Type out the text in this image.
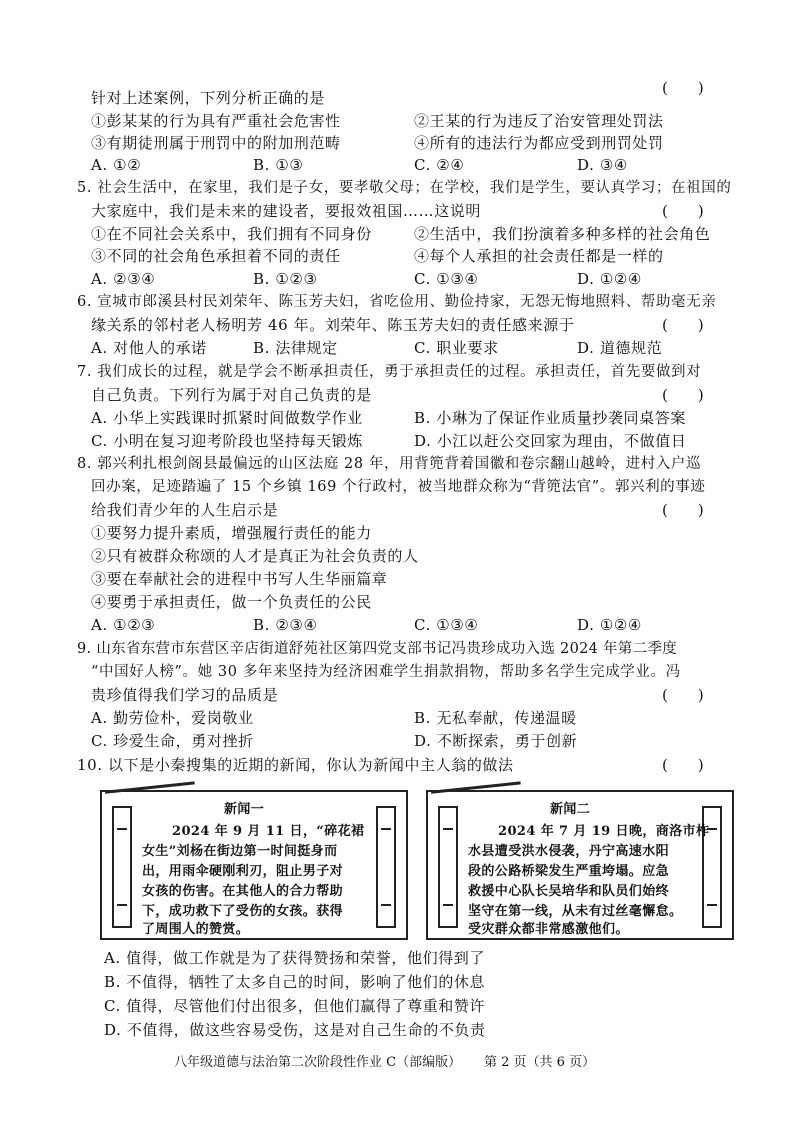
(　　)
针对上述案例，下列分析正确的是
①彭某某的行为具有严重社会危害性	②王某的行为违反了治安管理处罚法
③有期徒刑属于刑罚中的附加刑范畴	④所有的违法行为都应受到刑罚处罚
A. ①②	B. ①③	C. ②④	D. ③④
5. 社会生活中，在家里，我们是子女，要孝敬父母；在学校，我们是学生，要认真学习；在祖国的
大家庭中，我们是未来的建设者，要报效祖国……这说明	(　　)
①在不同社会关系中，我们拥有不同身份	②生活中，我们扮演着多种多样的社会角色
③不同的社会角色承担着不同的责任	④每个人承担的社会责任都是一样的
A. ②③④	B. ①②③	C. ①③④	D. ①②④
6. 宣城市郎溪县村民刘荣年、陈玉芳夫妇，省吃俭用、勤俭持家，无怨无悔地照料、帮助毫无亲
缘关系的邻村老人杨明芳 46 年。刘荣年、陈玉芳夫妇的责任感来源于	(　　)
A. 对他人的承诺	B. 法律规定	C. 职业要求	D. 道德规范
7. 我们成长的过程，就是学会不断承担责任，勇于承担责任的过程。承担责任，首先要做到对
自己负责。下列行为属于对自己负责的是	(　　)
A. 小华上实践课时抓紧时间做数学作业	B. 小琳为了保证作业质量抄袭同桌答案
C. 小明在复习迎考阶段也坚持每天锻炼	D. 小江以赶公交回家为理由，不做值日
8. 郭兴利扎根剑阁县最偏远的山区法庭 28 年，用背篼背着国徽和卷宗翻山越岭，进村入户巡
回办案，足迹踏遍了 15 个乡镇 169 个行政村，被当地群众称为“背篼法官”。郭兴利的事迹
给我们青少年的人生启示是	(　　)
①要努力提升素质，增强履行责任的能力
②只有被群众称颂的人才是真正为社会负责的人
③要在奉献社会的进程中书写人生华丽篇章
④要勇于承担责任，做一个负责任的公民
A. ①②③	B. ②③④	C. ①③④	D. ①②④
9. 山东省东营市东营区辛店街道舒苑社区第四党支部书记冯贵珍成功入选 2024 年第二季度
“中国好人榜”。她 30 多年来坚持为经济困难学生捐款捐物，帮助多名学生完成学业。冯
贵珍值得我们学习的品质是	(　　)
A. 勤劳俭朴，爱岗敬业	B. 无私奉献，传递温暖
C. 珍爱生命，勇对挫折	D. 不断探索，勇于创新
10. 以下是小秦搜集的近期的新闻，你认为新闻中主人翁的做法	(　　)
新闻一
2024 年 9 月 11 日，“碎花裙
女生”刘杨在街边第一时间挺身而
出，用雨伞硬刚利刃，阻止男子对
女孩的伤害。在其他人的合力帮助
下，成功救下了受伤的女孩。获得
了周围人的赞赏。
新闻二
2024 年 7 月 19 日晚，商洛市柞
水县遭受洪水侵袭，丹宁高速水阳
段的公路桥梁发生严重垮塌。应急
救援中心队长吴培华和队员们始终
坚守在第一线，从未有过丝毫懈怠。
受灾群众都非常感激他们。
A. 值得，做工作就是为了获得赞扬和荣誉，他们得到了
B. 不值得，牺牲了太多自己的时间，影响了他们的休息
C. 值得，尽管他们付出很多，但他们赢得了尊重和赞许
D. 不值得，做这些容易受伤，这是对自己生命的不负责
八年级道德与法治第二次阶段性作业 C（部编版） 第 2 页（共 6 页）
